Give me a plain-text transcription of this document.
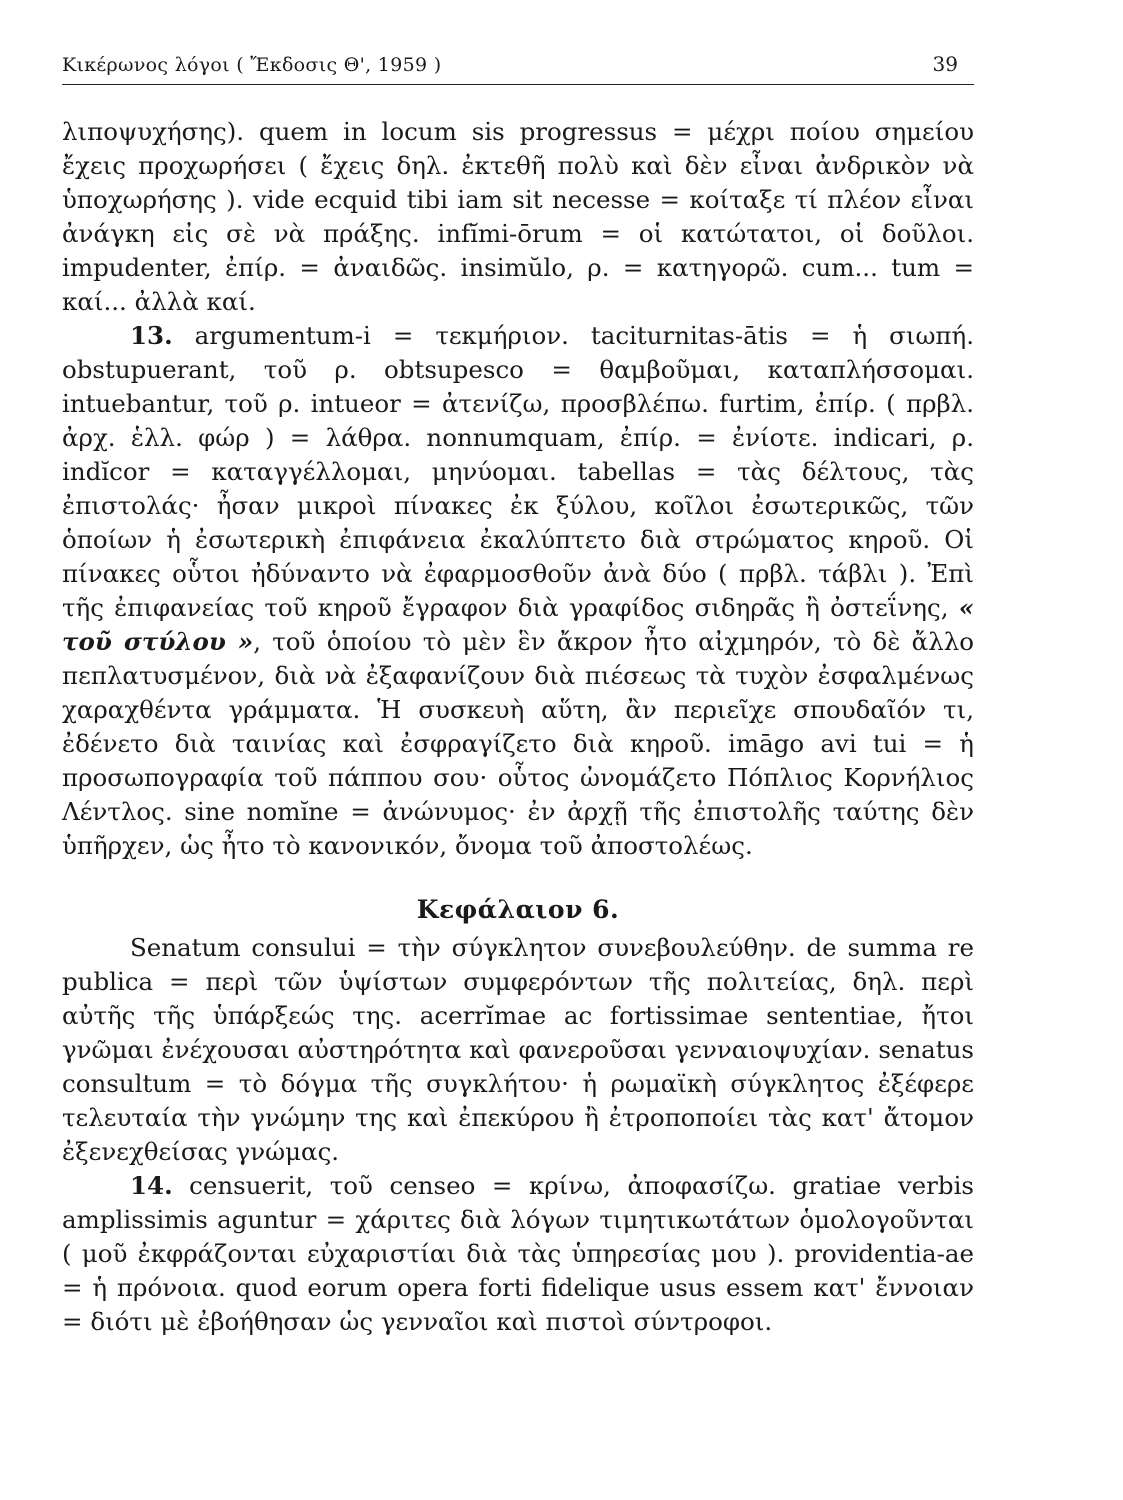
Κικέρωνος λόγοι ( Ἔκδοσις Θ', 1959 )	39

λιποψυχήσης). quem in locum sis progressus = μέχρι ποίου σημείου ἔχεις προχωρήσει ( ἔχεις δηλ. ἐκτεθῆ πολὺ καὶ δὲν εἶναι ἀνδρικὸν νὰ ὑποχωρήσης ). vide ecquid tibi iam sit necesse = κοίταξε τί πλέον εἶναι ἀνάγκη εἰς σὲ νὰ πράξης. infĭmi-ōrum = οἱ κατώτατοι, οἱ δοῦλοι. impudenter, ἐπίρ. = ἀναιδῶς. insimŭlo, ρ. = κατηγορῶ. cum... tum = καί... ἀλλὰ καί.

13. argumentum-i = τεκμήριον. taciturnitas-ātis = ἡ σιωπή. obstupuerant, τοῦ ρ. obtsupesco = θαμβοῦμαι, καταπλήσσομαι. intuebantur, τοῦ ρ. intueor = ἀτενίζω, προσβλέπω. furtim, ἐπίρ. ( πρβλ. ἀρχ. ἑλλ. φώρ ) = λάθρα. nonnumquam, ἐπίρ. = ἐνίοτε. indicari, ρ. indĭcor = καταγγέλλομαι, μηνύομαι. tabellas = τὰς δέλτους, τὰς ἐπιστολάς· ἦσαν μικροὶ πίνακες ἐκ ξύλου, κοῖλοι ἐσωτερικῶς, τῶν ὁποίων ἡ ἐσωτερικὴ ἐπιφάνεια ἐκαλύπτετο διὰ στρώματος κηροῦ. Οἱ πίνακες οὗτοι ἠδύναντο νὰ ἐφαρμοσθοῦν ἀνὰ δύο ( πρβλ. τάβλι ). Ἐπὶ τῆς ἐπιφανείας τοῦ κηροῦ ἔγραφον διὰ γραφίδος σιδηρᾶς ἢ ὀστεΐνης, « τοῦ στύλου », τοῦ ὁποίου τὸ μὲν ἓν ἄκρον ἦτο αἰχμηρόν, τὸ δὲ ἄλλο πεπλατυσμένον, διὰ νὰ ἐξαφανίζουν διὰ πιέσεως τὰ τυχὸν ἐσφαλμένως χαραχθέντα γράμματα. Ἡ συσκευὴ αὕτη, ἂν περιεῖχε σπουδαῖόν τι, ἐδένετο διὰ ταινίας καὶ ἐσφραγίζετο διὰ κηροῦ. imāgo avi tui = ἡ προσωπογραφία τοῦ πάππου σου· οὗτος ὠνομάζετο Πόπλιος Κορνήλιος Λέντλος. sine nomĭne = ἀνώνυμος· ἐν ἀρχῇ τῆς ἐπιστολῆς ταύτης δὲν ὑπῆρχεν, ὡς ἦτο τὸ κανονικόν, ὄνομα τοῦ ἀποστολέως.

Κεφάλαιον 6.

Senatum consului = τὴν σύγκλητον συνεβουλεύθην. de summa re publica = περὶ τῶν ὑψίστων συμφερόντων τῆς πολιτείας, δηλ. περὶ αὐτῆς τῆς ὑπάρξεώς της. acerrĭmae ac fortissimae sententiae, ἤτοι γνῶμαι ἐνέχουσαι αὐστηρότητα καὶ φανεροῦσαι γενναιοψυχίαν. senatus consultum = τὸ δόγμα τῆς συγκλήτου· ἡ ρωμαϊκὴ σύγκλητος ἐξέφερε τελευταία τὴν γνώμην της καὶ ἐπεκύρου ἢ ἐτροποποίει τὰς κατ' ἄτομον ἐξενεχθείσας γνώμας.

14. censuerit, τοῦ censeo = κρίνω, ἀποφασίζω. gratiae verbis amplissimis aguntur = χάριτες διὰ λόγων τιμητικωτάτων ὁμολογοῦνται ( μοῦ ἐκφράζονται εὐχαριστίαι διὰ τὰς ὑπηρεσίας μου ). providentia-ae = ἡ πρόνοια. quod eorum opera forti fidelique usus essem κατ' ἔννοιαν = διότι μὲ ἐβοήθησαν ὡς γενναῖοι καὶ πιστοὶ σύντροφοι.
